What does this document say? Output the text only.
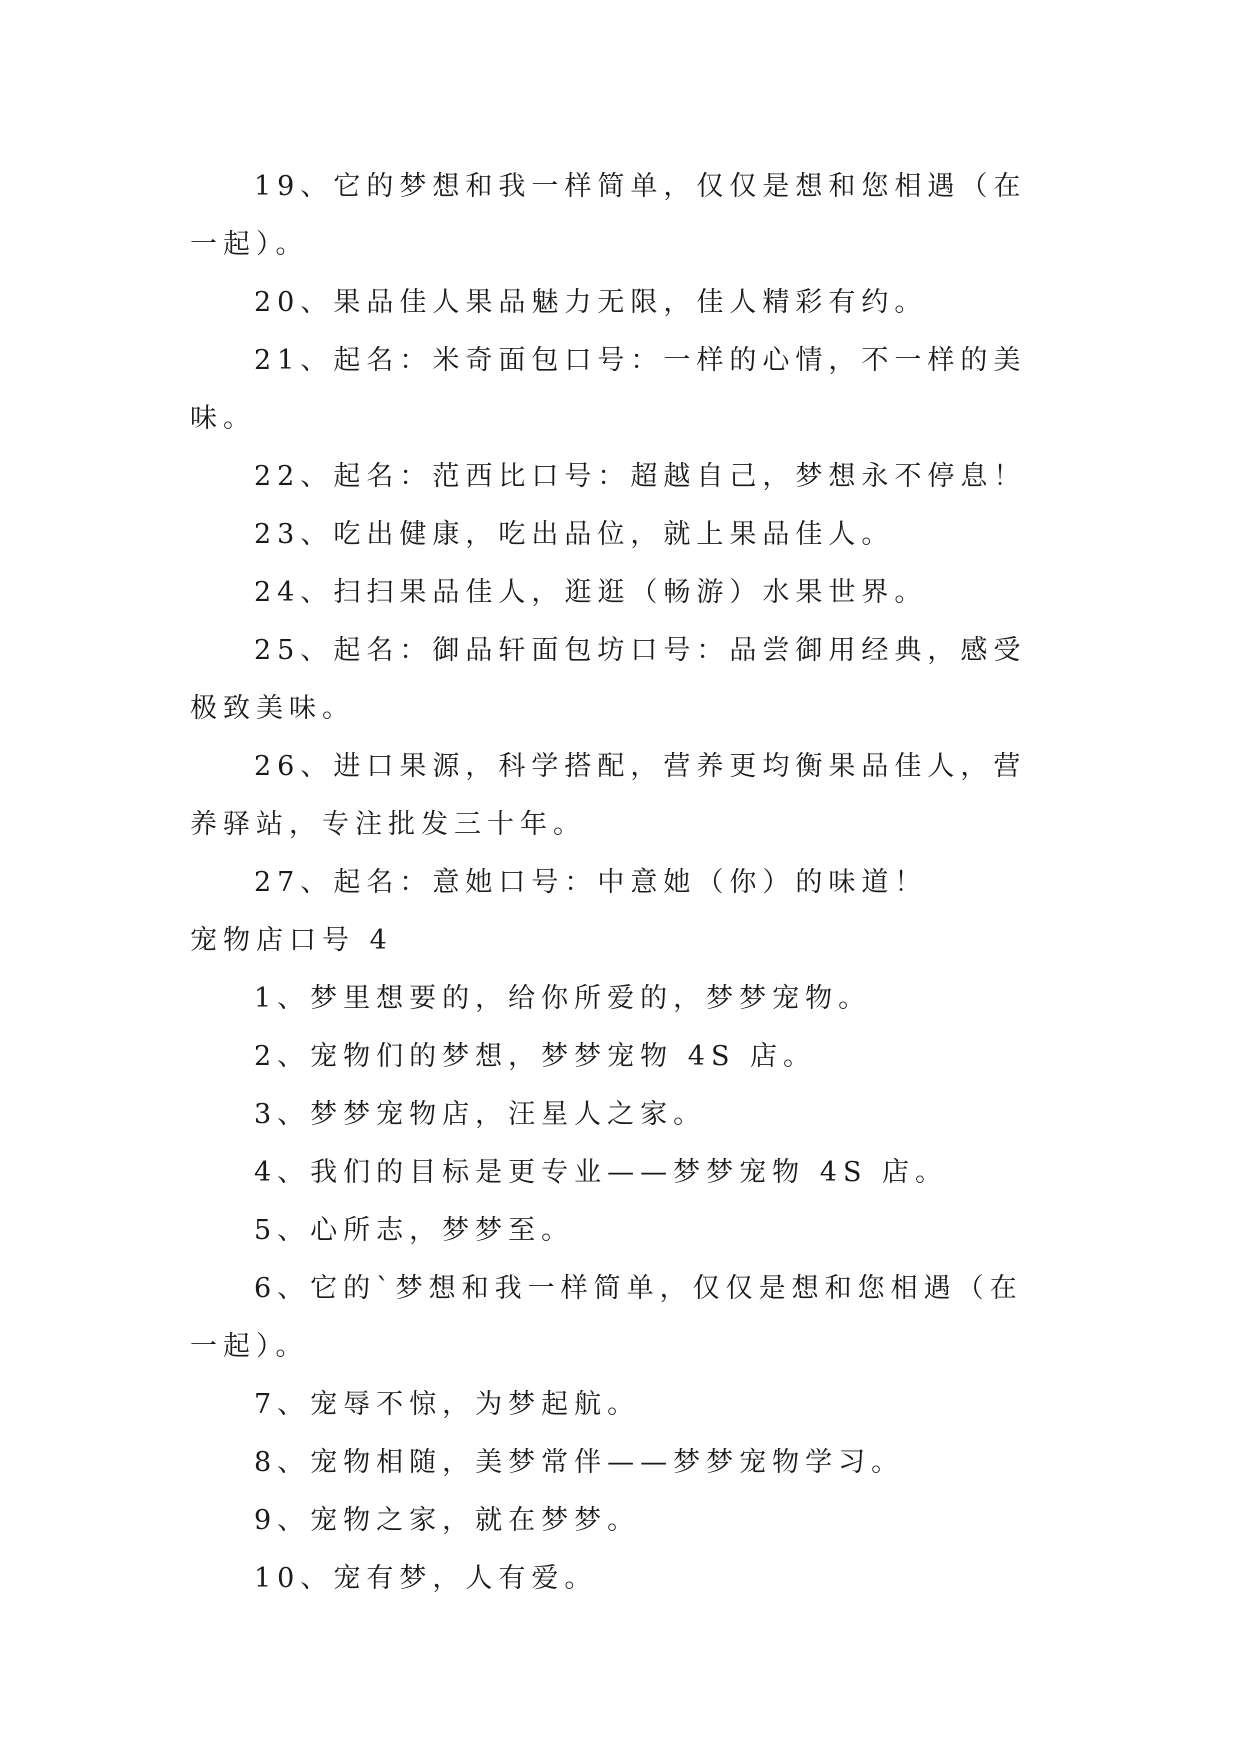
19、它的梦想和我一样简单，仅仅是想和您相遇（在一起）。

20、果品佳人果品魅力无限，佳人精彩有约。

21、起名：米奇面包口号：一样的心情，不一样的美味。

22、起名：范西比口号：超越自己，梦想永不停息！

23、吃出健康，吃出品位，就上果品佳人。

24、扫扫果品佳人，逛逛（畅游）水果世界。

25、起名：御品轩面包坊口号：品尝御用经典，感受极致美味。

26、进口果源，科学搭配，营养更均衡果品佳人，营养驿站，专注批发三十年。

27、起名：意她口号：中意她（你）的味道！

宠物店口号 4

1、梦里想要的，给你所爱的，梦梦宠物。

2、宠物们的梦想，梦梦宠物 4S 店。

3、梦梦宠物店，汪星人之家。

4、我们的目标是更专业——梦梦宠物 4S 店。

5、心所志，梦梦至。

6、它的`梦想和我一样简单，仅仅是想和您相遇（在一起）。

7、宠辱不惊，为梦起航。

8、宠物相随，美梦常伴——梦梦宠物学习。

9、宠物之家，就在梦梦。

10、宠有梦，人有爱。
